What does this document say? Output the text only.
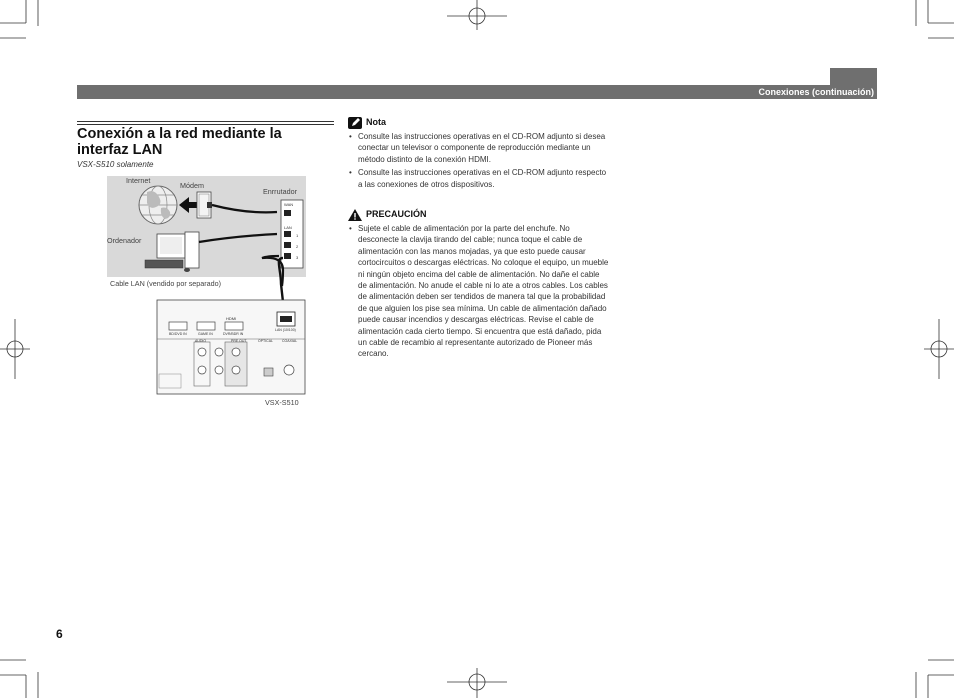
Conexiones (continuación)
Conexión a la red mediante la interfaz LAN
VSX-S510 solamente
Internet
Módem
Enrrutador
Ordenador
Cable LAN (vendido por separado)
VSX-S510
WAN
LAN
1
2
3
HDMI
BD/DVD IN	GAME IN	DVR/BDR IN
LAN (10/100)
AUDIO	PRE OUT	OPTICAL	COAXIAL
Nota
• Consulte las instrucciones operativas en el CD-ROM adjunto si desea conectar un televisor o componente de reproducción mediante un método distinto de la conexión HDMI.
• Consulte las instrucciones operativas en el CD-ROM adjunto respecto a las conexiones de otros dispositivos.
PRECAUCIÓN
• Sujete el cable de alimentación por la parte del enchufe. No desconecte la clavija tirando del cable; nunca toque el cable de alimentación con las manos mojadas, ya que esto puede causar cortocircuitos o descargas eléctricas. No coloque el equipo, un mueble ni ningún objeto encima del cable de alimentación. No dañe el cable de alimentación. No anude el cable ni lo ate a otros cables. Los cables de alimentación deben ser tendidos de manera tal que la probabilidad de que alguien los pise sea mínima. Un cable de alimentación dañado puede causar incendios y descargas eléctricas. Revise el cable de alimentación cada cierto tiempo. Si encuentra que está dañado, pida un cable de recambio al representante autorizado de Pioneer más cercano.
6
